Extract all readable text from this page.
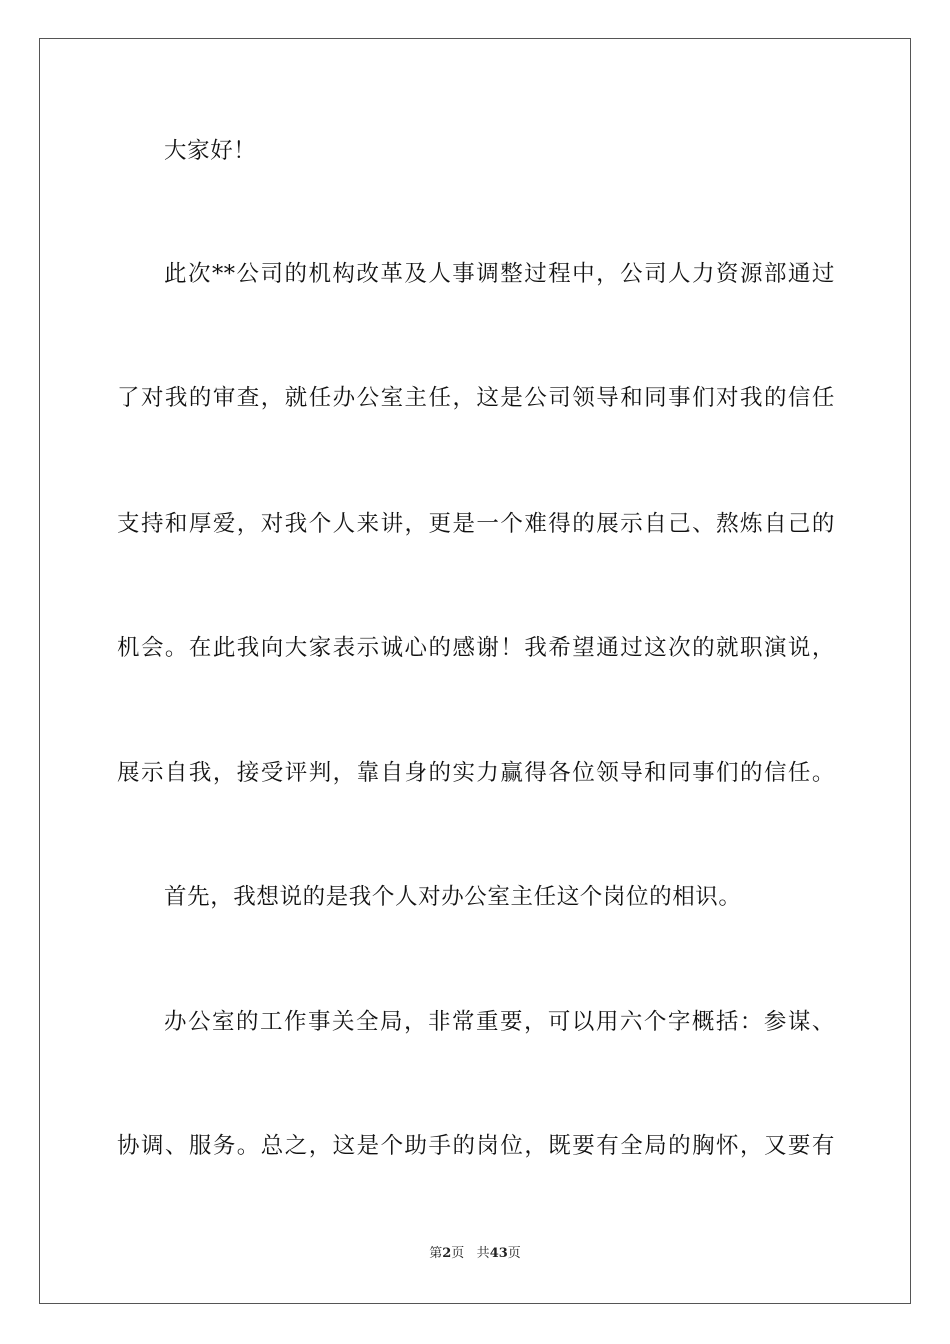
大家好！
此次**公司的机构改革及人事调整过程中，公司人力资源部通过
了对我的审查，就任办公室主任，这是公司领导和同事们对我的信任
支持和厚爱，对我个人来讲，更是一个难得的展示自己、熬炼自己的
机会。在此我向大家表示诚心的感谢！我希望通过这次的就职演说，
展示自我，接受评判，靠自身的实力赢得各位领导和同事们的信任。
首先，我想说的是我个人对办公室主任这个岗位的相识。
办公室的工作事关全局，非常重要，可以用六个字概括：参谋、
协调、服务。总之，这是个助手的岗位，既要有全局的胸怀，又要有
第2页 共43页
